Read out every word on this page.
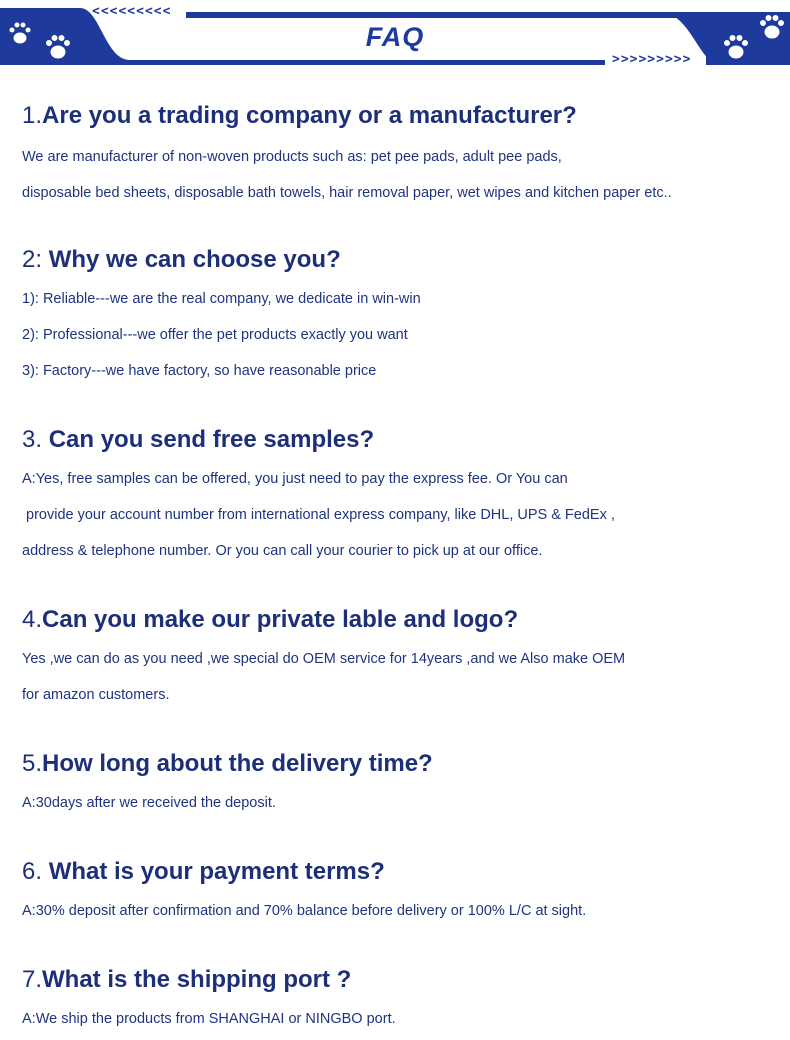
<<<<<<<<<
FAQ
>>>>>>>>>

1.Are you a trading company or a manufacturer?

We are manufacturer of non-woven products such as: pet pee pads, adult pee pads,

disposable bed sheets, disposable bath towels, hair removal paper, wet wipes and kitchen paper etc..

2: Why we can choose you?

1): Reliable---we are the real company, we dedicate in win-win

2): Professional---we offer the pet products exactly you want

3): Factory---we have factory, so have reasonable price

3. Can you send free samples?

A:Yes, free samples can be offered, you just need to pay the express fee. Or You can

provide your account number from international express company, like DHL, UPS & FedEx ,

address & telephone number. Or you can call your courier to pick up at our office.

4.Can you make our private lable and logo?

Yes ,we can do as you need ,we special do OEM service for 14years ,and we Also make OEM

for amazon customers.

5.How long about the delivery time?

A:30days after we received the deposit.

6. What is your payment terms?

A:30% deposit after confirmation and 70% balance before delivery or 100% L/C at sight.

7.What is the shipping port ?

A:We ship the products from SHANGHAI or NINGBO port.
